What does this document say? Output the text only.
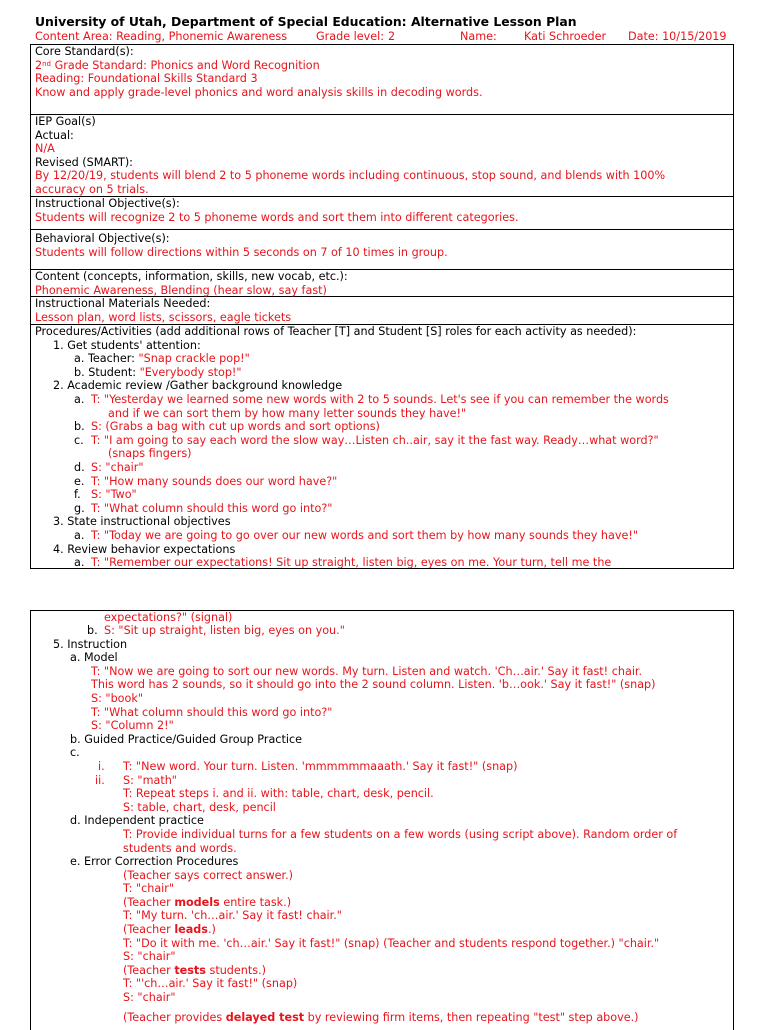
University of Utah, Department of Special Education: Alternative Lesson Plan
Content Area: Reading, Phonemic Awareness	Grade level: 2	Name: Kati Schroeder Date: 10/15/2019
Core Standard(s):
2nd Grade Standard: Phonics and Word Recognition
Reading: Foundational Skills Standard 3
Know and apply grade-level phonics and word analysis skills in decoding words.
IEP Goal(s)
Actual:
N/A
Revised (SMART):
By 12/20/19, students will blend 2 to 5 phoneme words including continuous, stop sound, and blends with 100%
accuracy on 5 trials.
Instructional Objective(s):
Students will recognize 2 to 5 phoneme words and sort them into different categories.
Behavioral Objective(s):
Students will follow directions within 5 seconds on 7 of 10 times in group.
Content (concepts, information, skills, new vocab, etc.):
Phonemic Awareness, Blending (hear slow, say fast)
Instructional Materials Needed:
Lesson plan, word lists, scissors, eagle tickets
Procedures/Activities (add additional rows of Teacher [T] and Student [S] roles for each activity as needed):
1. Get students' attention:
a. Teacher: "Snap crackle pop!"
b. Student: "Everybody stop!"
2. Academic review /Gather background knowledge
a. T: "Yesterday we learned some new words with 2 to 5 sounds. Let's see if you can remember the words
and if we can sort them by how many letter sounds they have!"
b. S: (Grabs a bag with cut up words and sort options)
c. T: "I am going to say each word the slow way…Listen ch..air, say it the fast way. Ready…what word?"
(snaps fingers)
d. S: "chair"
e. T: "How many sounds does our word have?"
f. S: "Two"
g. T: "What column should this word go into?"
3. State instructional objectives
a. T: "Today we are going to go over our new words and sort them by how many sounds they have!"
4. Review behavior expectations
a. T: "Remember our expectations! Sit up straight, listen big, eyes on me. Your turn, tell me the
expectations?" (signal)
b. S: "Sit up straight, listen big, eyes on you."
5. Instruction
a. Model
T: "Now we are going to sort our new words. My turn. Listen and watch. 'Ch…air.' Say it fast! chair.
This word has 2 sounds, so it should go into the 2 sound column. Listen. 'b…ook.' Say it fast!" (snap)
S: "book"
T: "What column should this word go into?"
S: "Column 2!"
b. Guided Practice/Guided Group Practice
c.
i. T: "New word. Your turn. Listen. 'mmmmmmaaath.' Say it fast!" (snap)
ii. S: "math"
T: Repeat steps i. and ii. with: table, chart, desk, pencil.
S: table, chart, desk, pencil
d. Independent practice
T: Provide individual turns for a few students on a few words (using script above). Random order of
students and words.
e. Error Correction Procedures
(Teacher says correct answer.)
T: "chair"
(Teacher models entire task.)
T: "My turn. 'ch…air.' Say it fast! chair."
(Teacher leads.)
T: "Do it with me. 'ch…air.' Say it fast!" (snap) (Teacher and students respond together.) "chair."
S: "chair"
(Teacher tests students.)
T: "'ch…air.' Say it fast!" (snap)
S: "chair"
(Teacher provides delayed test by reviewing firm items, then repeating "test" step above.)
